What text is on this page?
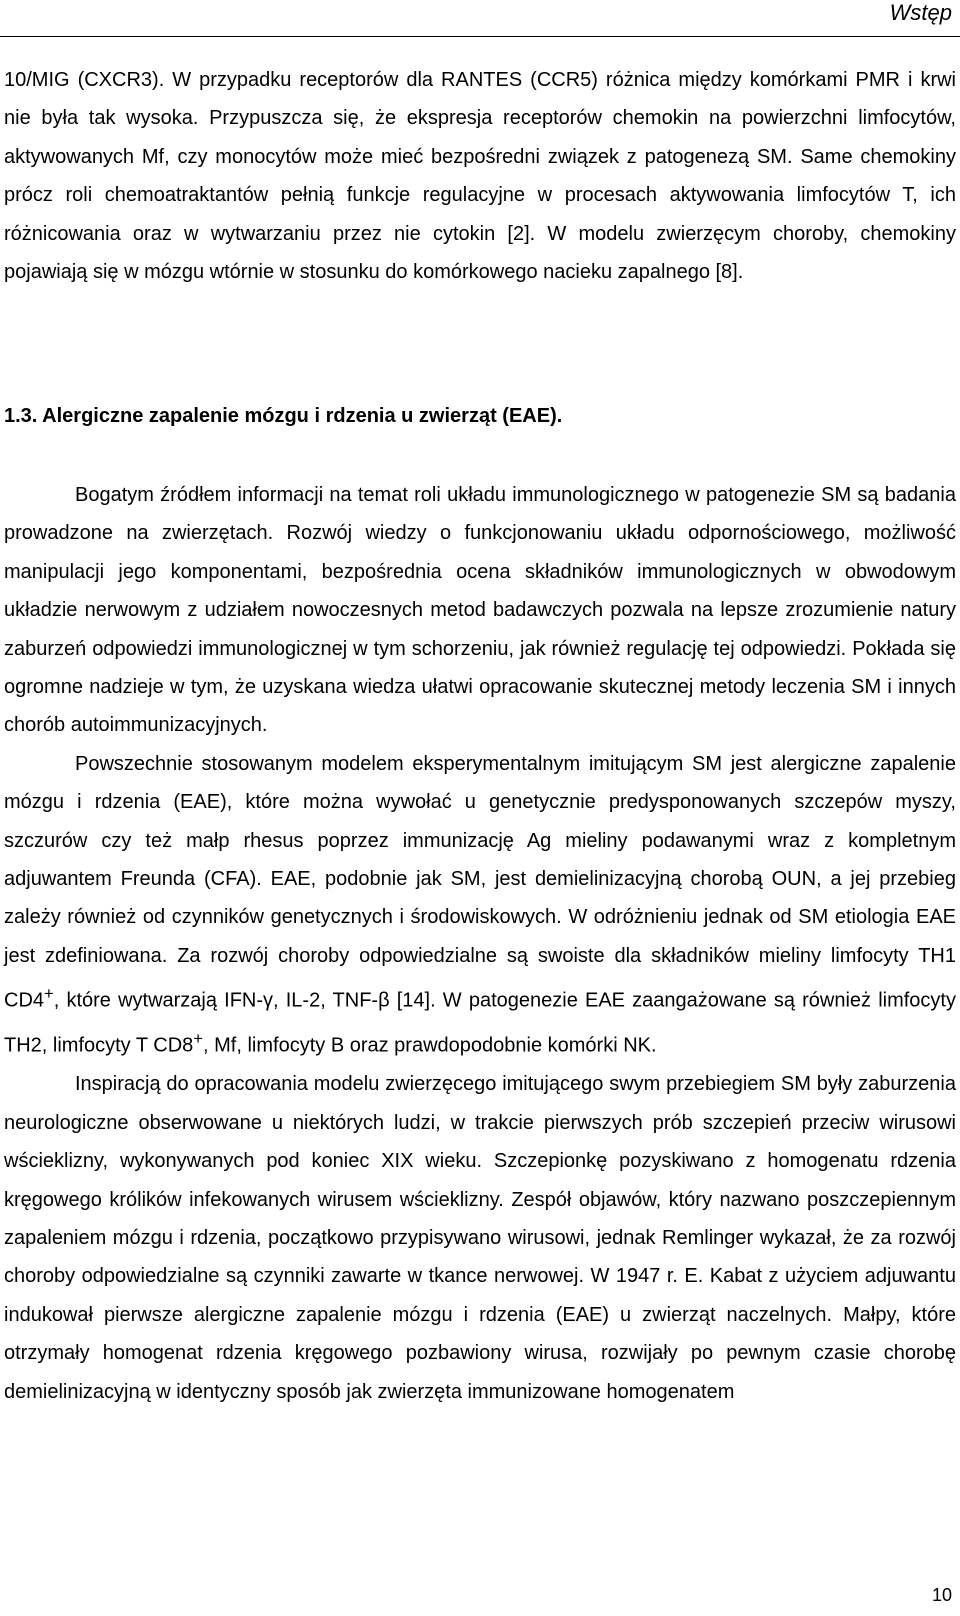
Wstęp

10/MIG (CXCR3). W przypadku receptorów dla RANTES (CCR5) różnica między komórkami PMR i krwi nie była tak wysoka. Przypuszcza się, że ekspresja receptorów chemokin na powierzchni limfocytów, aktywowanych Mf, czy monocytów może mieć bezpośredni związek z patogenezą SM. Same chemokiny prócz roli chemoatraktantów pełnią funkcje regulacyjne w procesach aktywowania limfocytów T, ich różnicowania oraz w wytwarzaniu przez nie cytokin [2]. W modelu zwierzęcym choroby, chemokiny pojawiają się w mózgu wtórnie w stosunku do komórkowego nacieku zapalnego [8].

1.3. Alergiczne zapalenie mózgu i rdzenia u zwierząt (EAE).

Bogatym źródłem informacji na temat roli układu immunologicznego w patogenezie SM są badania prowadzone na zwierzętach. Rozwój wiedzy o funkcjonowaniu układu odpornościowego, możliwość manipulacji jego komponentami, bezpośrednia ocena składników immunologicznych w obwodowym układzie nerwowym z udziałem nowoczesnych metod badawczych pozwala na lepsze zrozumienie natury zaburzeń odpowiedzi immunologicznej w tym schorzeniu, jak również regulację tej odpowiedzi. Pokłada się ogromne nadzieje w tym, że uzyskana wiedza ułatwi opracowanie skutecznej metody leczenia SM i innych chorób autoimmunizacyjnych.

Powszechnie stosowanym modelem eksperymentalnym imitującym SM jest alergiczne zapalenie mózgu i rdzenia (EAE), które można wywołać u genetycznie predysponowanych szczepów myszy, szczurów czy też małp rhesus poprzez immunizację Ag mieliny podawanymi wraz z kompletnym adjuwantem Freunda (CFA). EAE, podobnie jak SM, jest demielinizacyjną chorobą OUN, a jej przebieg zależy również od czynników genetycznych i środowiskowych. W odróżnieniu jednak od SM etiologia EAE jest zdefiniowana. Za rozwój choroby odpowiedzialne są swoiste dla składników mieliny limfocyty TH1 CD4+, które wytwarzają IFN-γ, IL-2, TNF-β [14]. W patogenezie EAE zaangażowane są również limfocyty TH2, limfocyty T CD8+, Mf, limfocyty B oraz prawdopodobnie komórki NK.

Inspiracją do opracowania modelu zwierzęcego imitującego swym przebiegiem SM były zaburzenia neurologiczne obserwowane u niektórych ludzi, w trakcie pierwszych prób szczepień przeciw wirusowi wścieklizny, wykonywanych pod koniec XIX wieku. Szczepionkę pozyskiwano z homogenatu rdzenia kręgowego królików infekowanych wirusem wścieklizny. Zespół objawów, który nazwano poszczepiennym zapaleniem mózgu i rdzenia, początkowo przypisywano wirusowi, jednak Remlinger wykazał, że za rozwój choroby odpowiedzialne są czynniki zawarte w tkance nerwowej. W 1947 r. E. Kabat z użyciem adjuwantu indukował pierwsze alergiczne zapalenie mózgu i rdzenia (EAE) u zwierząt naczelnych. Małpy, które otrzymały homogenat rdzenia kręgowego pozbawiony wirusa, rozwijały po pewnym czasie chorobę demielinizacyjną w identyczny sposób jak zwierzęta immunizowane homogenatem

10
